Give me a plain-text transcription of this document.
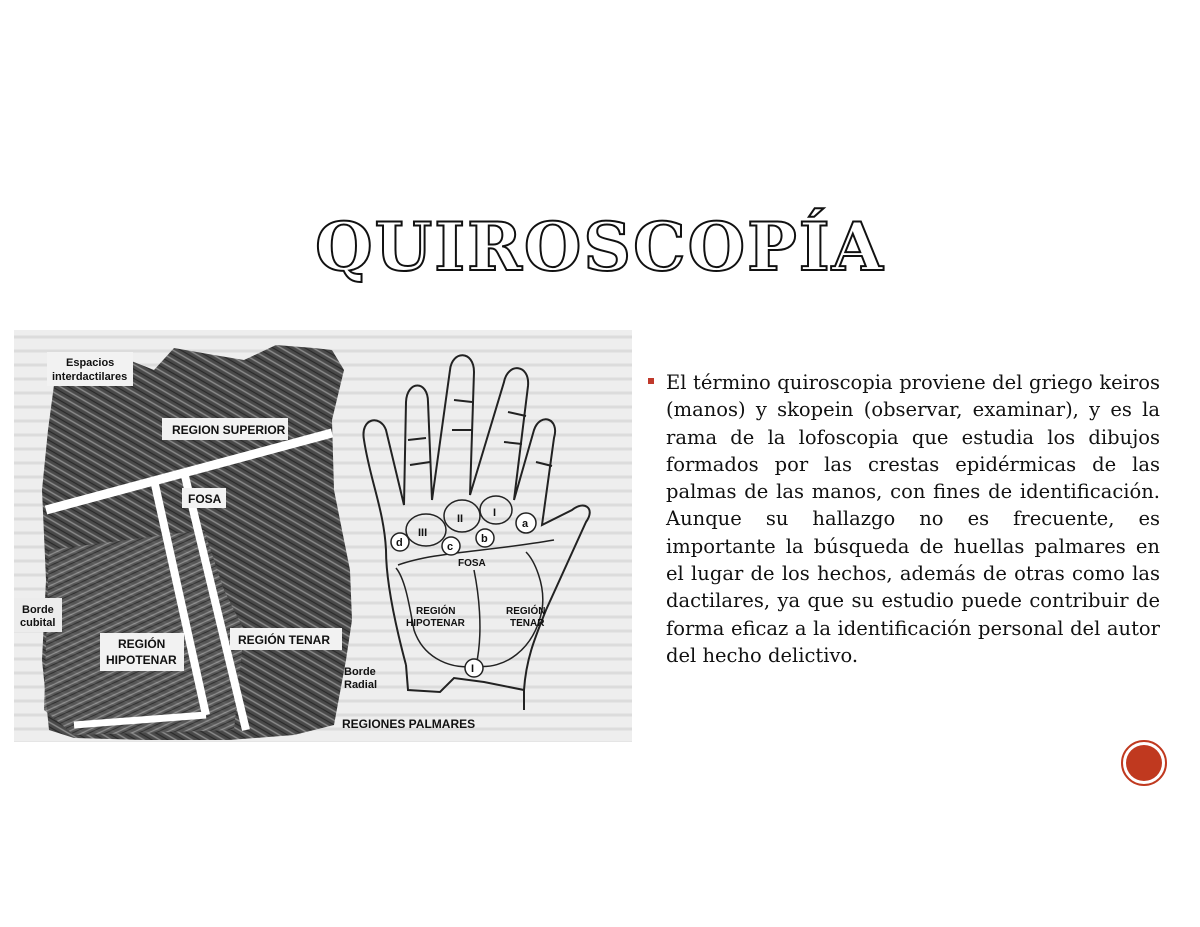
QUIROSCOPÍA
Espacios
interdactilares
REGION SUPERIOR
FOSA
Borde
cubital
REGIÓN
HIPOTENAR
REGIÓN TENAR
Borde
Radial
REGIONES PALMARES
III
II	I
d	c
b
a
I
FOSA
REGIÓN
HIPOTENAR
REGIÓN
TENAR

El término quiroscopia proviene del griego keiros (manos) y skopein (observar, examinar), y es la rama de la lofoscopia que estudia los dibujos formados por las crestas epidérmicas de las palmas de las manos, con fines de identificación. Aunque su hallazgo no es frecuente, es importante la búsqueda de huellas palmares en el lugar de los hechos, además de otras como las dactilares, ya que su estudio puede contribuir de forma eficaz a la identificación personal del autor del hecho delictivo.
